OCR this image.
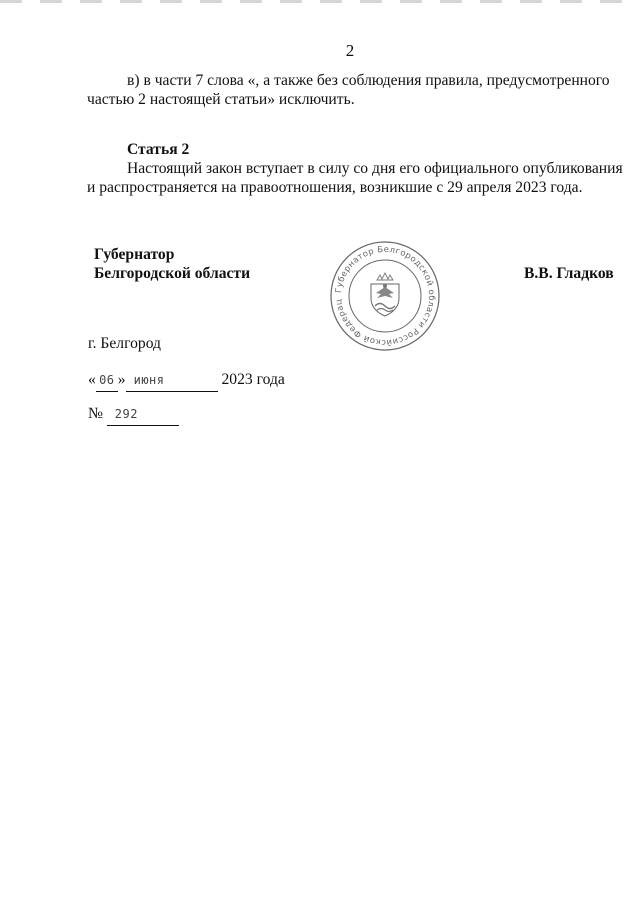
2
в) в части 7 слова «, а также без соблюдения правила, предусмотренного
частью 2 настоящей статьи» исключить.
Статья 2
Настоящий закон вступает в силу со дня его официального опубликования
и распространяется на правоотношения, возникшие с 29 апреля 2023 года.
Губернатор
Белгородской области	В.В. Гладков
Губернатор Белгородской области Российской Федерац
г. Белгород
« 06 » июня	2023 года
№ 292
